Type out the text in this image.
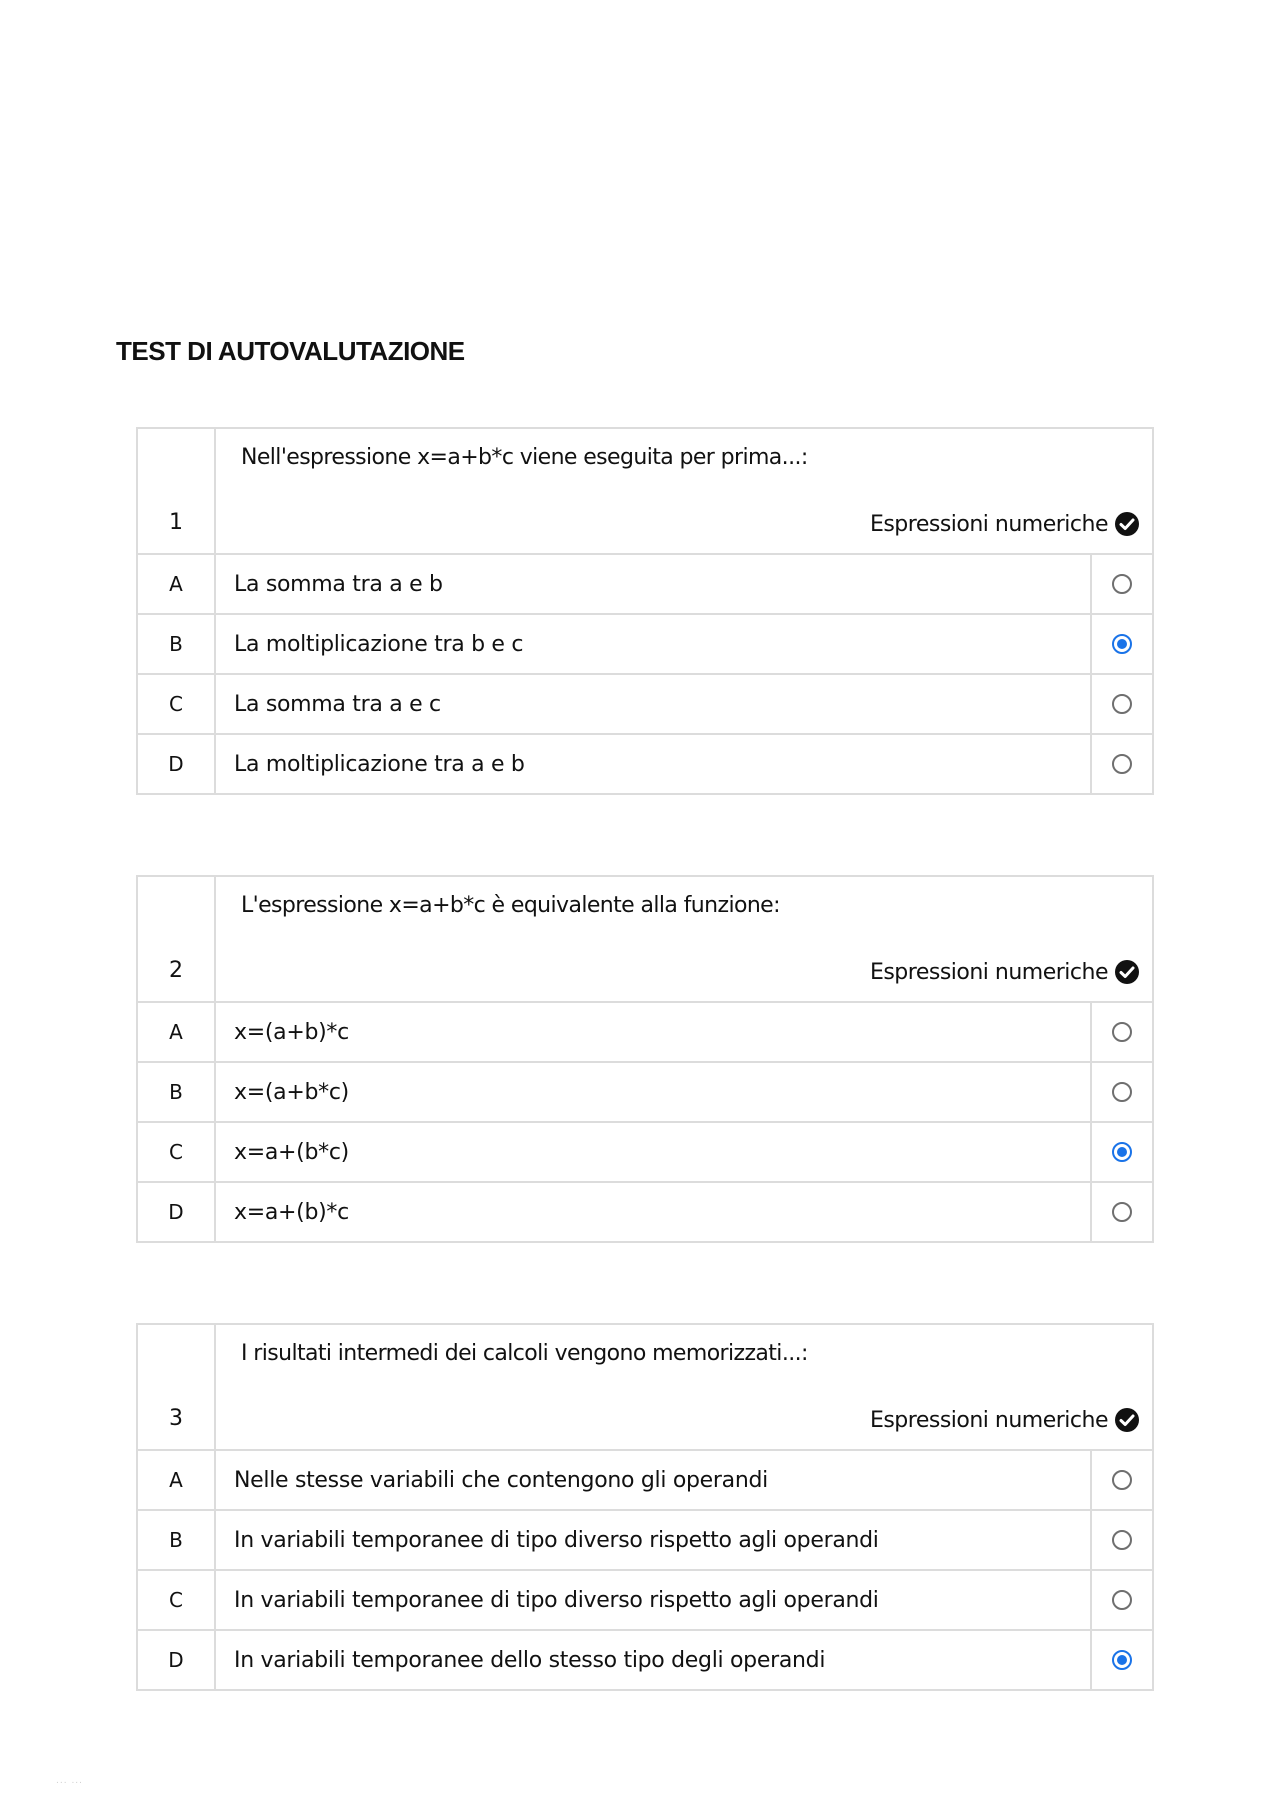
TEST DI AUTOVALUTAZIONE
1	Nell'espressione x=a+b*c viene eseguita per prima...:
Espressioni numeriche	

A	La somma tra a e b	
B	La moltiplicazione tra b e c	
C	La somma tra a e c	
D	La moltiplicazione tra a e b	
2	L'espressione x=a+b*c è equivalente alla funzione:
Espressioni numeriche	

A	x=(a+b)*c	
B	x=(a+b*c)	
C	x=a+(b*c)	
D	x=a+(b)*c	
3	I risultati intermedi dei calcoli vengono memorizzati...:
Espressioni numeriche	

A	Nelle stesse variabili che contengono gli operandi	
B	In variabili temporanee di tipo diverso rispetto agli operandi	
C	In variabili temporanee di tipo diverso rispetto agli operandi	
D	In variabili temporanee dello stesso tipo degli operandi	
... ...
